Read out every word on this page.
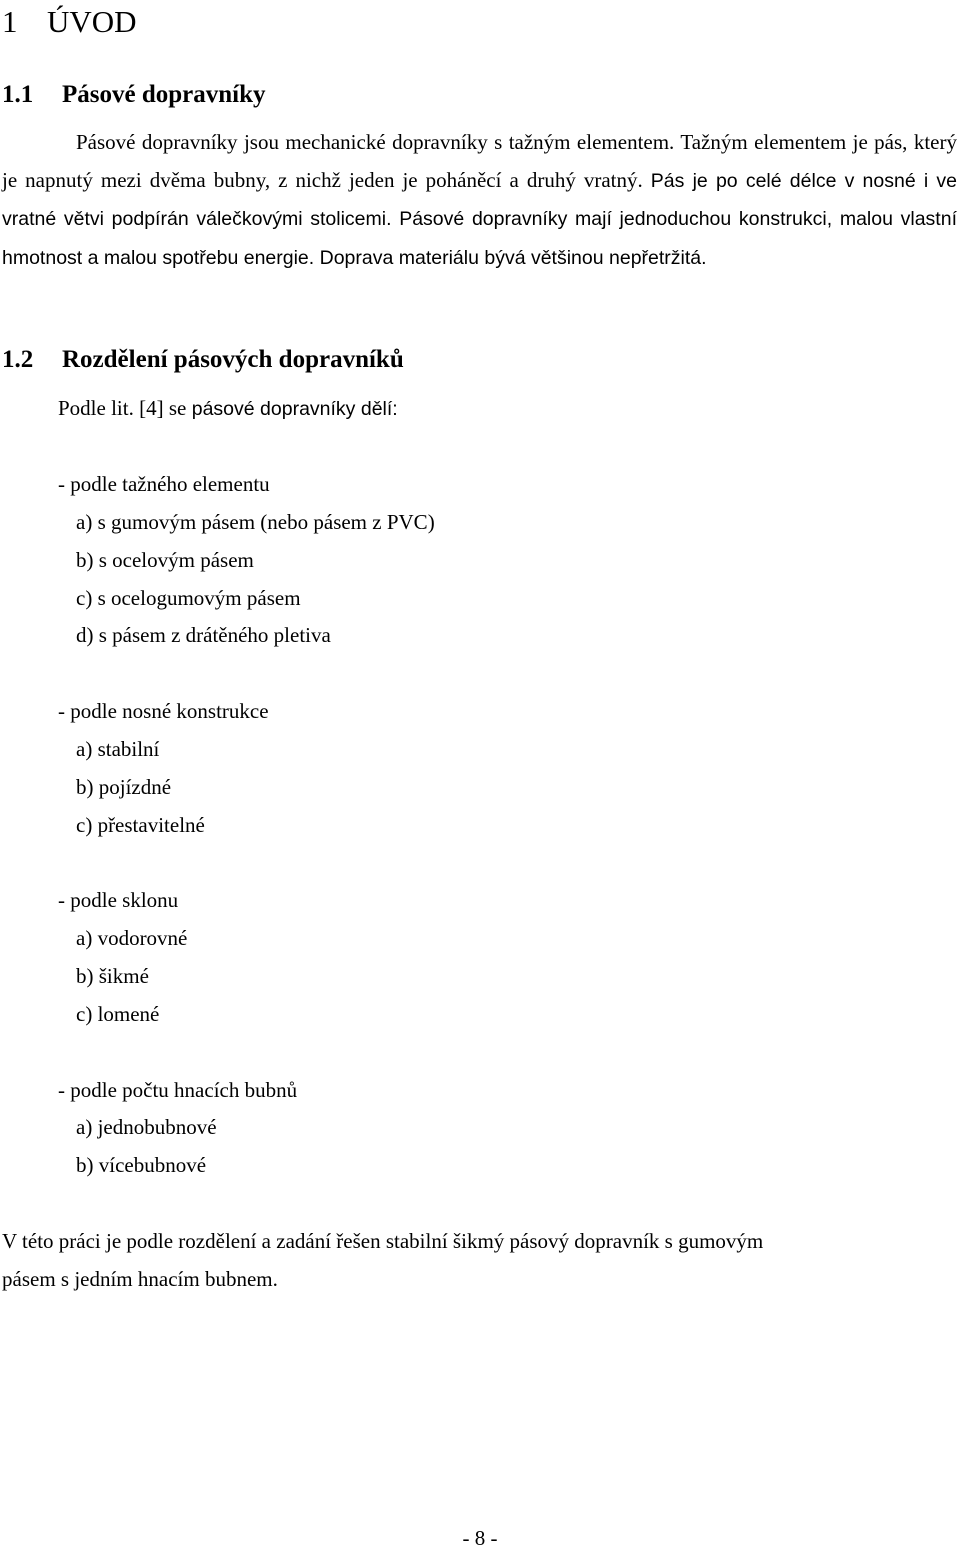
1 ÚVOD
1.1 Pásové dopravníky
Pásové dopravníky jsou mechanické dopravníky s tažným elementem. Tažným elementem je pás, který je napnutý mezi dvěma bubny, z nichž jeden je poháněcí a druhý vratný. Pás je po celé délce v nosné i ve vratné větvi podpírán válečkovými stolicemi. Pásové dopravníky mají jednoduchou konstrukci, malou vlastní hmotnost a malou spotřebu energie. Doprava materiálu bývá většinou nepřetržitá.
1.2 Rozdělení pásových dopravníků
Podle lit. [4] se pásové dopravníky dělí:
- podle tažného elementu
a) s gumovým pásem (nebo pásem z PVC)
b) s ocelovým pásem
c) s ocelogumovým pásem
d) s pásem z drátěného pletiva
- podle nosné konstrukce
a) stabilní
b) pojízdné
c) přestavitelné
- podle sklonu
a) vodorovné
b) šikmé
c) lomené
- podle počtu hnacích bubnů
a) jednobubnové
b) vícebubnové
V této práci je podle rozdělení a zadání řešen stabilní šikmý pásový dopravník s gumovým
pásem s jedním hnacím bubnem.
- 8 -
